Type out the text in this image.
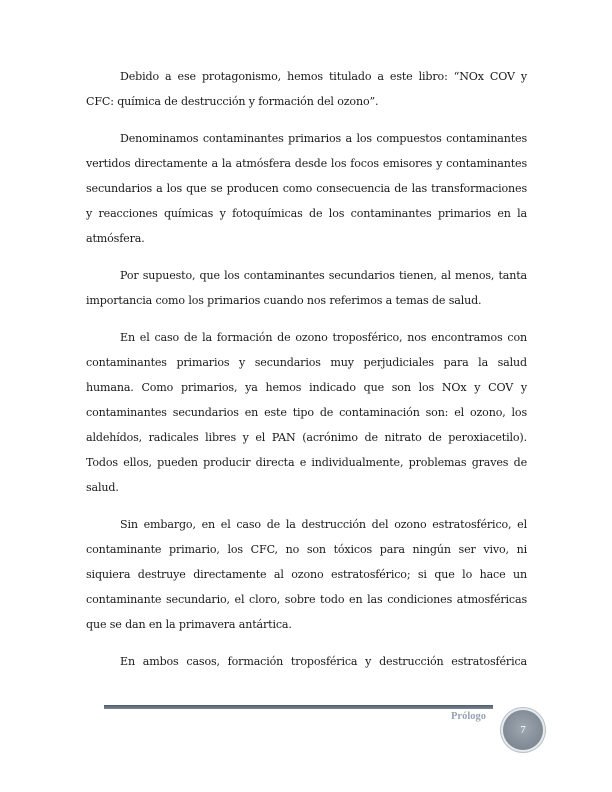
Debido a ese protagonismo, hemos titulado a este libro: “NOx COV y CFC: química de destrucción y formación del ozono”.

Denominamos contaminantes primarios a los compuestos contaminantes vertidos directamente a la atmósfera desde los focos emisores y contaminantes secundarios a los que se producen como consecuencia de las transformaciones y reacciones químicas y fotoquímicas de los contaminantes primarios en la atmósfera.

Por supuesto, que los contaminantes secundarios tienen, al menos, tanta importancia como los primarios cuando nos referimos a temas de salud.

En el caso de la formación de ozono troposférico, nos encontramos con contaminantes primarios y secundarios muy perjudiciales para la salud humana. Como primarios, ya hemos indicado que son los NOx y COV y contaminantes secundarios en este tipo de contaminación son: el ozono, los aldehídos, radicales libres y el PAN (acrónimo de nitrato de peroxiacetilo). Todos ellos, pueden producir directa e individualmente, problemas graves de salud.

Sin embargo, en el caso de la destrucción del ozono estratosférico, el contaminante primario, los CFC, no son tóxicos para ningún ser vivo, ni siquiera destruye directamente al ozono estratosférico; si que lo hace un contaminante secundario, el cloro, sobre todo en las condiciones atmosféricas que se dan en la primavera antártica.

En ambos casos, formación troposférica y destrucción estratosférica

Prólogo
7
